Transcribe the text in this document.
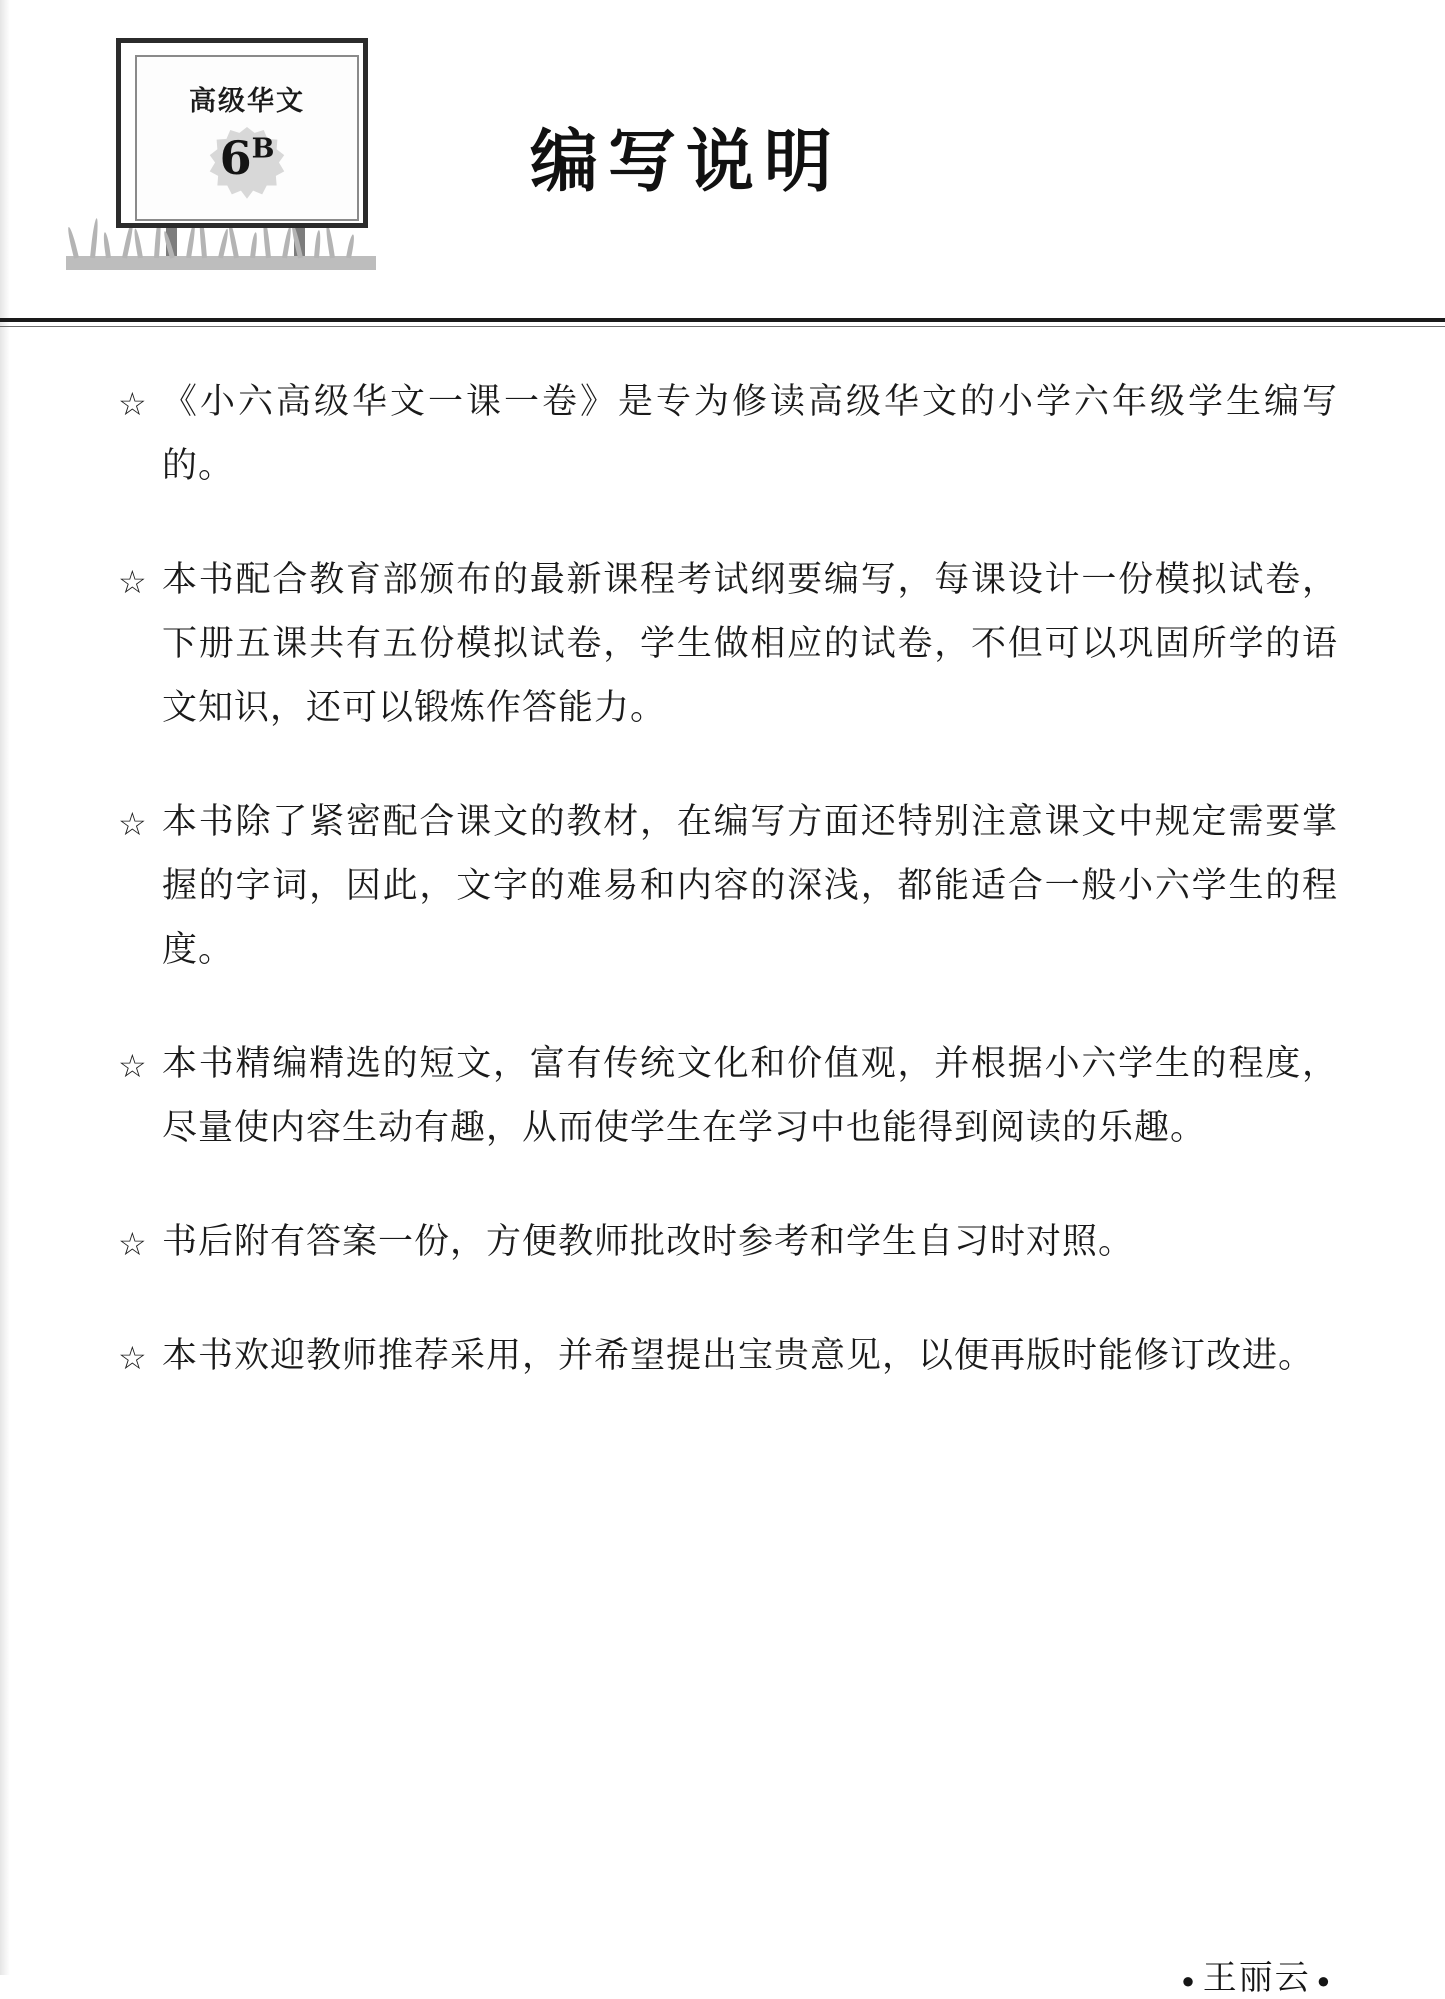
高级华文
$6^B$	编写说明
☆ 《小六高级华文一课一卷》是专为修读高级华文的小学六年级学生编写的。
☆ 本书配合教育部颁布的最新课程考试纲要编写，每课设计一份模拟试卷，下册五课共有五份模拟试卷，学生做相应的试卷，不但可以巩固所学的语文知识，还可以锻炼作答能力。
☆ 本书除了紧密配合课文的教材，在编写方面还特别注意课文中规定需要掌握的字词，因此，文字的难易和内容的深浅，都能适合一般小六学生的程度。
☆ 本书精编精选的短文，富有传统文化和价值观，并根据小六学生的程度，尽量使内容生动有趣，从而使学生在学习中也能得到阅读的乐趣。
☆ 书后附有答案一份，方便教师批改时参考和学生自习时对照。
☆ 本书欢迎教师推荐采用，并希望提出宝贵意见，以便再版时能修订改进。
● 王丽云 ●
